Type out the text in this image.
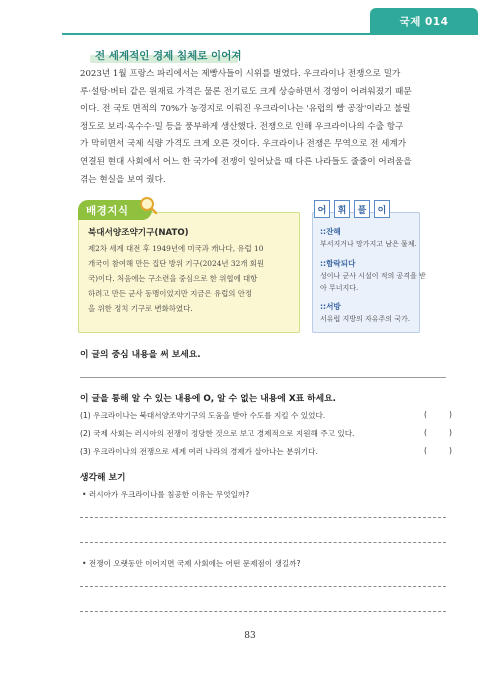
국제 014
전 세계적인 경제 침체로 이어져
2023년 1월 프랑스 파리에서는 제빵사들이 시위를 벌였다. 우크라이나 전쟁으로 밀가
루·설탕·버터 같은 원재료 가격은 물론 전기료도 크게 상승하면서 경영이 어려워졌기 때문
이다. 전 국토 면적의 70%가 농경지로 이뤄진 우크라이나는 '유럽의 빵 공장'이라고 불릴
정도로 보리·옥수수·밀 등을 풍부하게 생산했다. 전쟁으로 인해 우크라이나의 수출 항구
가 막히면서 국제 식량 가격도 크게 오른 것이다. 우크라이나 전쟁은 무역으로 전 세계가
연결된 현대 사회에서 어느 한 국가에 전쟁이 일어났을 때 다른 나라들도 줄줄이 어려움을
겪는 현실을 보여 줬다.
배경지식
북대서양조약기구(NATO)
제2차 세계 대전 후 1949년에 미국과 캐나다, 유럽 10
개국이 참여해 만든 집단 방위 기구(2024년 32개 회원
국)이다. 처음에는 구소련을 중심으로 한 위협에 대항
하려고 만든 군사 동맹이었지만 지금은 유럽의 안정
을 위한 정치 기구로 변화하였다.
어	휘	풀	이
::잔해
부서지거나 망가지고 남은 물체.
::함락되다
성이나 군사 시설이 적의 공격을 받
아 무너지다.
::서방
서유럽 지방의 자유주의 국가.
이 글의 중심 내용을 써 보세요.
이 글을 통해 알 수 있는 내용에 O, 알 수 없는 내용에 X표 하세요.
(1) 우크라이나는 북대서양조약기구의 도움을 받아 수도를 지킬 수 있었다.	(	)
(2) 국제 사회는 러시아의 전쟁이 정당한 것으로 보고 경제적으로 지원해 주고 있다.	(	)
(3) 우크라이나의 전쟁으로 세계 여러 나라의 경제가 살아나는 분위기다.	(	)
생각해 보기
• 러시아가 우크라이나를 침공한 이유는 무엇일까?
• 전쟁이 오랫동안 이어지면 국제 사회에는 어떤 문제점이 생길까?
83
